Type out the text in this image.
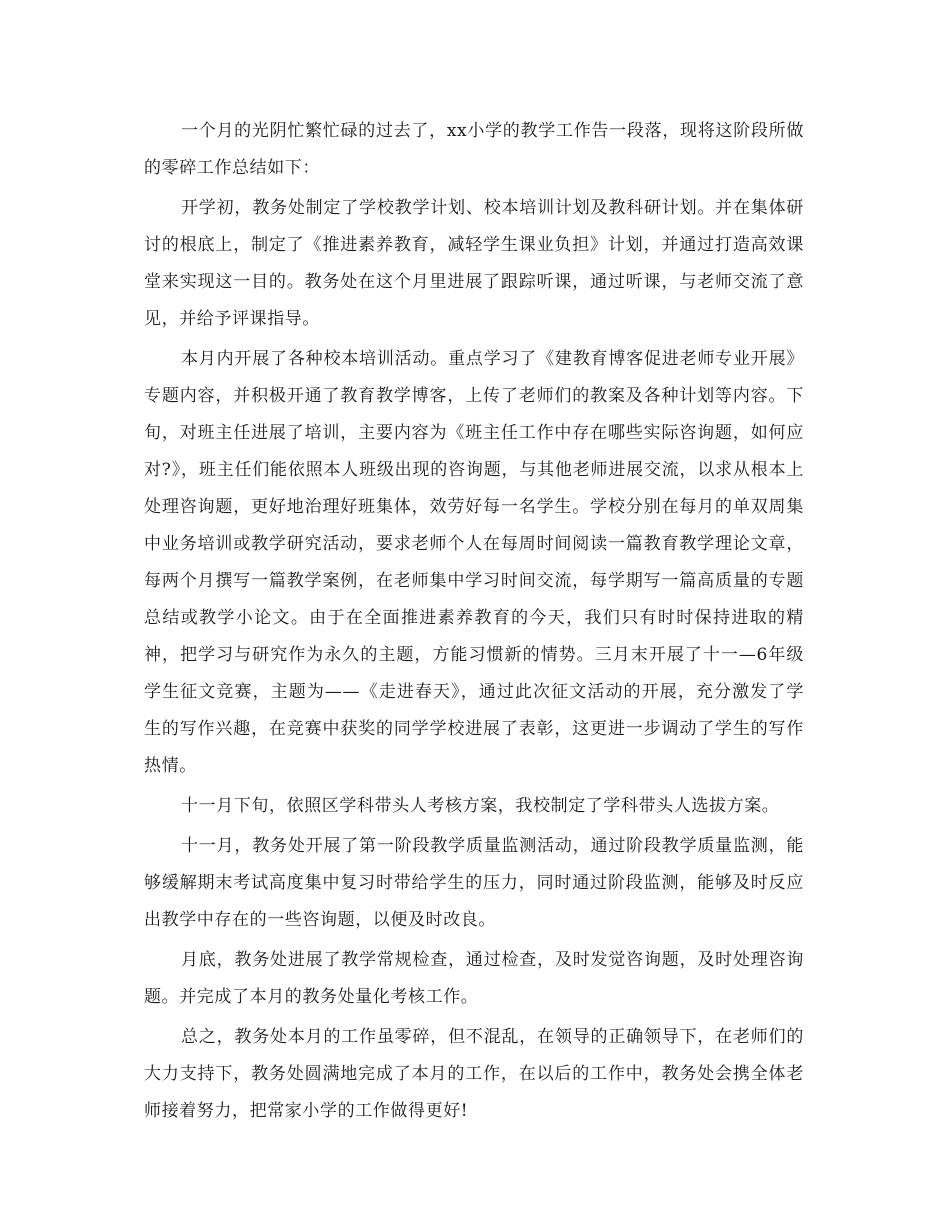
一个月的光阴忙繁忙碌的过去了，xx小学的教学工作告一段落，现将这阶段所做的零碎工作总结如下：

开学初，教务处制定了学校教学计划、校本培训计划及教科研计划。并在集体研讨的根底上，制定了《推进素养教育，减轻学生课业负担》计划，并通过打造高效课堂来实现这一目的。教务处在这个月里进展了跟踪听课，通过听课，与老师交流了意见，并给予评课指导。

本月内开展了各种校本培训活动。重点学习了《建教育博客促进老师专业开展》专题内容，并积极开通了教育教学博客，上传了老师们的教案及各种计划等内容。下旬，对班主任进展了培训，主要内容为《班主任工作中存在哪些实际咨询题，如何应对?》，班主任们能依照本人班级出现的咨询题，与其他老师进展交流，以求从根本上处理咨询题，更好地治理好班集体，效劳好每一名学生。学校分别在每月的单双周集中业务培训或教学研究活动，要求老师个人在每周时间阅读一篇教育教学理论文章，每两个月撰写一篇教学案例，在老师集中学习时间交流，每学期写一篇高质量的专题总结或教学小论文。由于在全面推进素养教育的今天，我们只有时时保持进取的精神，把学习与研究作为永久的主题，方能习惯新的情势。三月末开展了十一—6年级学生征文竞赛，主题为——《走进春天》，通过此次征文活动的开展，充分激发了学生的写作兴趣，在竞赛中获奖的同学学校进展了表彰，这更进一步调动了学生的写作热情。

十一月下旬，依照区学科带头人考核方案，我校制定了学科带头人选拔方案。

十一月，教务处开展了第一阶段教学质量监测活动，通过阶段教学质量监测，能够缓解期末考试高度集中复习时带给学生的压力，同时通过阶段监测，能够及时反应出教学中存在的一些咨询题，以便及时改良。

月底，教务处进展了教学常规检查，通过检查，及时发觉咨询题，及时处理咨询题。并完成了本月的教务处量化考核工作。

总之，教务处本月的工作虽零碎，但不混乱，在领导的正确领导下，在老师们的大力支持下，教务处圆满地完成了本月的工作，在以后的工作中，教务处会携全体老师接着努力，把常家小学的工作做得更好!
